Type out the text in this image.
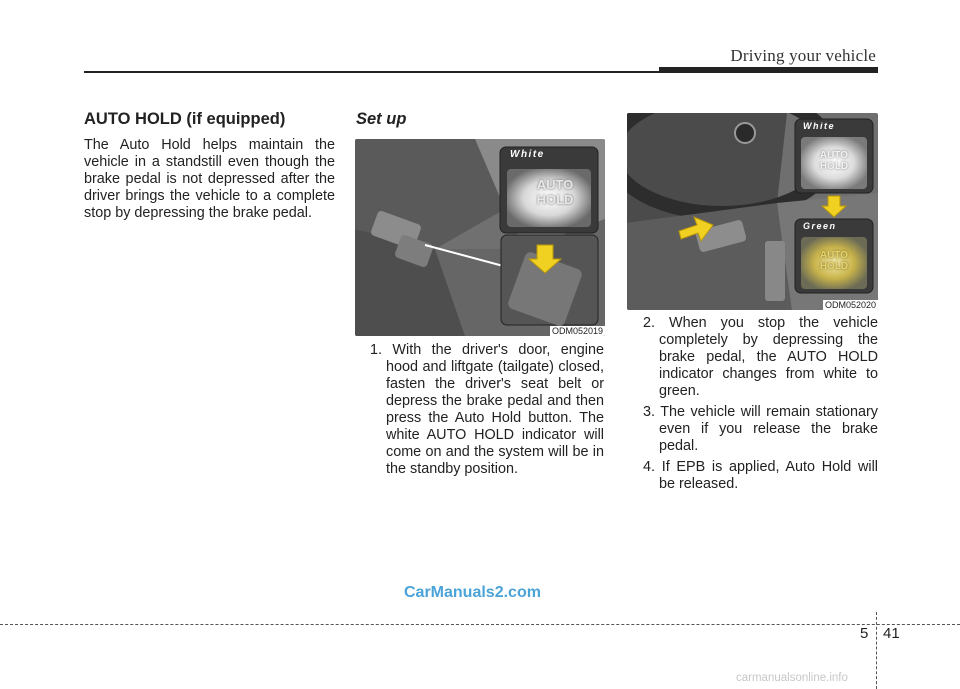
Driving your vehicle
AUTO HOLD (if equipped)

The Auto Hold helps maintain the vehicle in a standstill even though the brake pedal is not depressed after the driver brings the vehicle to a complete stop by depressing the brake pedal.

Set up
White
AUTO
HOLD
ODM052019
1. With the driver's door, engine hood and liftgate (tailgate) closed, fasten the driver's seat belt or depress the brake pedal and then press the Auto Hold button. The white AUTO HOLD indicator will come on and the system will be in the standby position.
White
AUTO
HOLD
Green
AUTO
HOLD
ODM052020
2. When you stop the vehicle completely by depressing the brake pedal, the AUTO HOLD indicator changes from white to green.
3. The vehicle will remain stationary even if you release the brake pedal.
4. If EPB is applied, Auto Hold will be released.
CarManuals2.com
5 41
carmanualsonline.info
